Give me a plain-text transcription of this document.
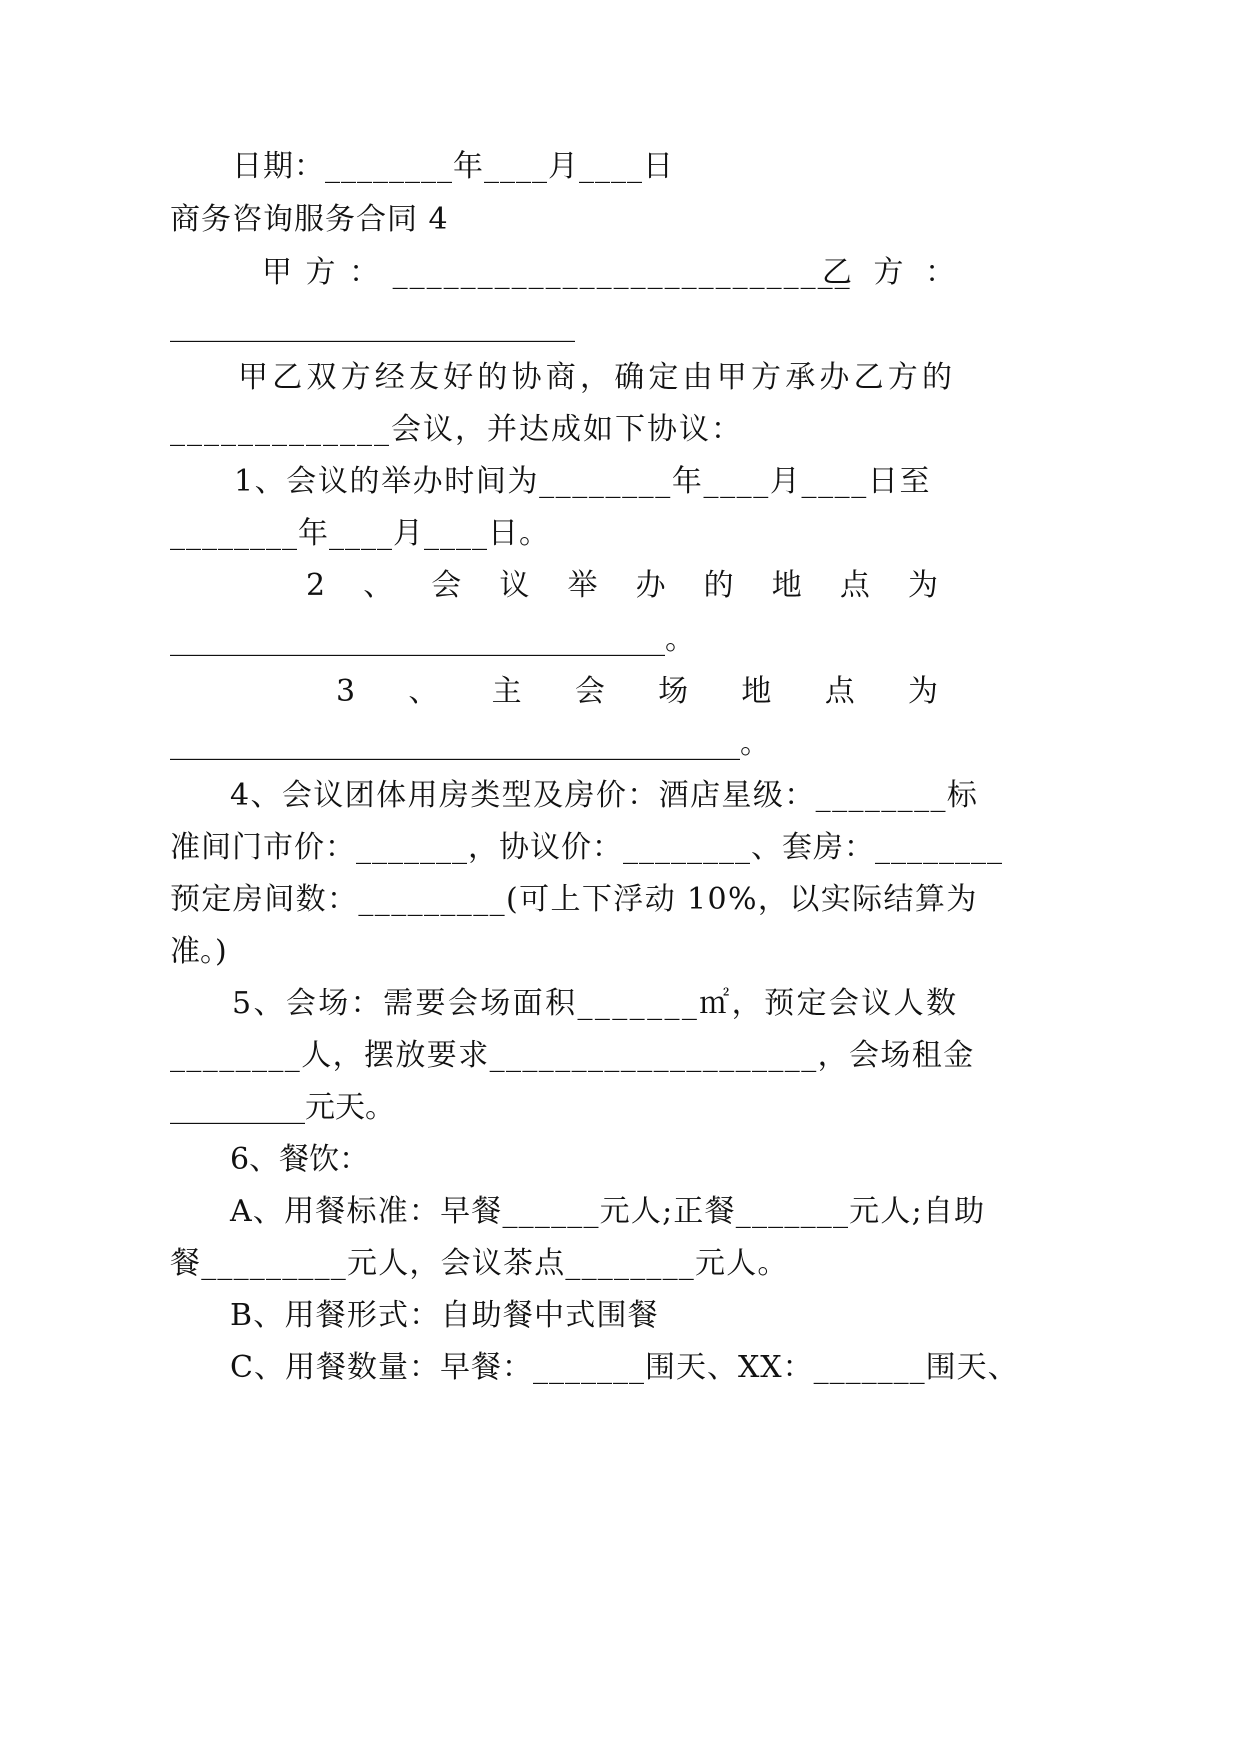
日期：________年____月____日
商务咨询服务合同 4
甲 方 ： ___________________________
乙 方 ：
___________________________
甲乙双方经友好的协商，确定由甲方承办乙方的
_____________会议，并达成如下协议：
1、会议的举办时间为________年____月____日至
________年____月____日。
2 、 会 议 举 办 的 地 点 为
_________________________________。
3 、 主 会 场 地 点 为
______________________________________。
4、会议团体用房类型及房价：酒店星级：________标
准间门市价：_______，协议价：________、套房：________
预定房间数：_________(可上下浮动 10%，以实际结算为
准。)
5、会场：需要会场面积_______㎡，预定会议人数
________人，摆放要求____________________，会场租金
_________元天。
6、餐饮：
A、用餐标准：早餐______元人;正餐_______元人;自助
餐_________元人，会议茶点________元人。
B、用餐形式：自助餐中式围餐
C、用餐数量：早餐：_______围天、XX：_______围天、
